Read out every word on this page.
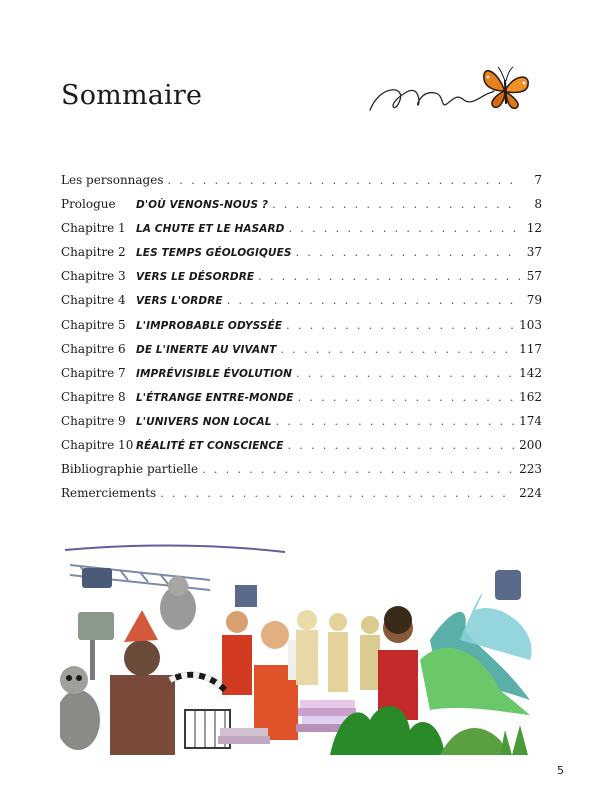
Sommaire
Les personnages . . .	7
Prologue	D'OÙ VENONS-NOUS ? . . .	8
Chapitre 1 LA CHUTE ET LE HASARD . . .	12
Chapitre 2 LES TEMPS GÉOLOGIQUES . . .	37
Chapitre 3 VERS LE DÉSORDRE . . .	57
Chapitre 4 VERS L'ORDRE . . .	79
Chapitre 5 L'IMPROBABLE ODYSSÉE . . .	103
Chapitre 6 DE L'INERTE AU VIVANT . . .	117
Chapitre 7 IMPRÉVISIBLE ÉVOLUTION . . .	142
Chapitre 8 L'ÉTRANGE ENTRE-MONDE . . .	162
Chapitre 9 L'UNIVERS NON LOCAL . . .	174
Chapitre 10 RÉALITÉ ET CONSCIENCE . . .	200
Bibliographie partielle . . .	223
Remerciements . . .	224
5
